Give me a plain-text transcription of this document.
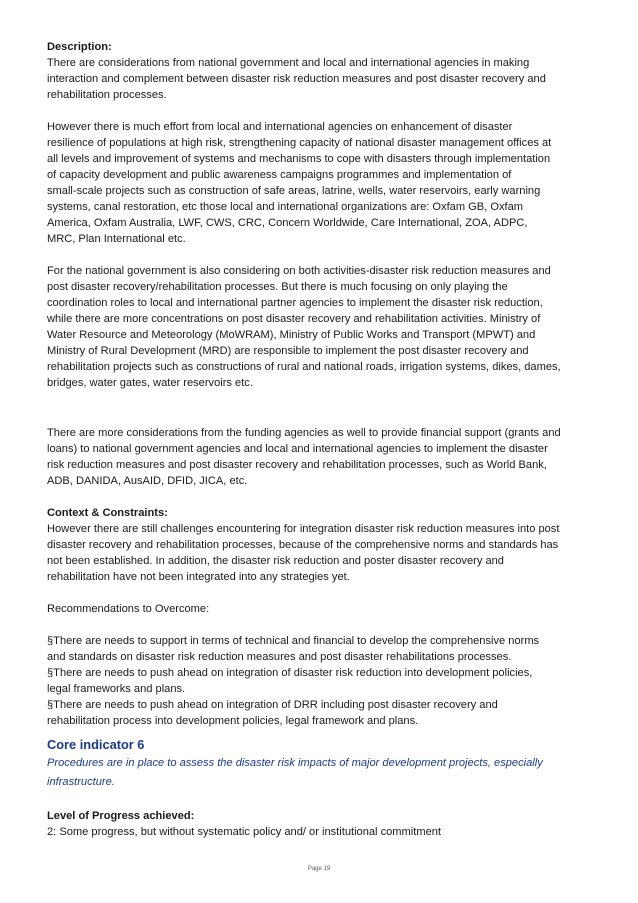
Description:
There are considerations from national government and local and international agencies in making
interaction and complement between disaster risk reduction measures and post disaster recovery and
rehabilitation processes.
However there is much effort from local and international agencies on enhancement of disaster
resilience of populations at high risk, strengthening capacity of national disaster management offices at
all levels and improvement of systems and mechanisms to cope with disasters through implementation
of capacity development and public awareness campaigns programmes and implementation of
small-scale projects such as construction of safe areas, latrine, wells, water reservoirs, early warning
systems, canal restoration, etc those local and international organizations are: Oxfam GB, Oxfam
America, Oxfam Australia, LWF, CWS, CRC, Concern Worldwide, Care International, ZOA, ADPC,
MRC, Plan International etc.
For the national government is also considering on both activities-disaster risk reduction measures and
post disaster recovery/rehabilitation processes. But there is much focusing on only playing the
coordination roles to local and international partner agencies to implement the disaster risk reduction,
while there are more concentrations on post disaster recovery and rehabilitation activities. Ministry of
Water Resource and Meteorology (MoWRAM), Ministry of Public Works and Transport (MPWT) and
Ministry of Rural Development (MRD) are responsible to implement the post disaster recovery and
rehabilitation projects such as constructions of rural and national roads, irrigation systems, dikes, dames,
bridges, water gates, water reservoirs etc.
There are more considerations from the funding agencies as well to provide financial support (grants and
loans) to national government agencies and local and international agencies to implement the disaster
risk reduction measures and post disaster recovery and rehabilitation processes, such as World Bank,
ADB, DANIDA, AusAID, DFID, JICA, etc.
Context & Constraints:
However there are still challenges encountering for integration disaster risk reduction measures into post
disaster recovery and rehabilitation processes, because of the comprehensive norms and standards has
not been established. In addition, the disaster risk reduction and poster disaster recovery and
rehabilitation have not been integrated into any strategies yet.
Recommendations to Overcome:
§There are needs to support in terms of technical and financial to develop the comprehensive norms
and standards on disaster risk reduction measures and post disaster rehabilitations processes.
§There are needs to push ahead on integration of disaster risk reduction into development policies,
legal frameworks and plans.
§There are needs to push ahead on integration of DRR including post disaster recovery and
rehabilitation process into development policies, legal framework and plans.
Core indicator 6
Procedures are in place to assess the disaster risk impacts of major development projects, especially
infrastructure.
Level of Progress achieved:
2: Some progress, but without systematic policy and/ or institutional commitment
Page 19
